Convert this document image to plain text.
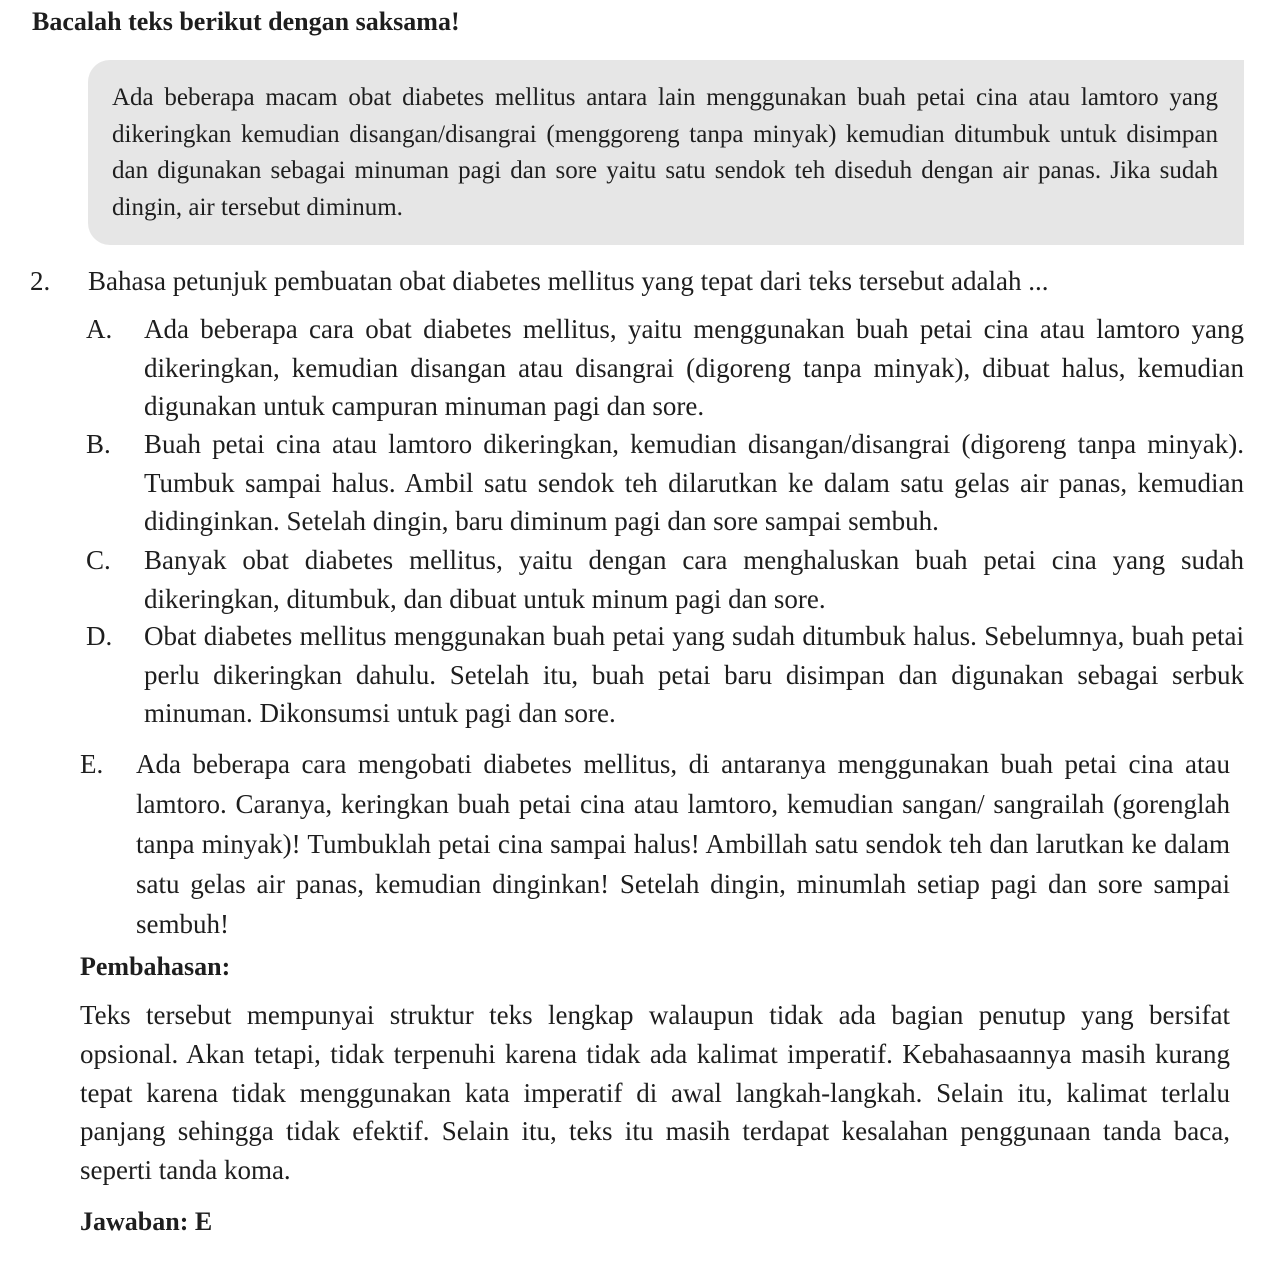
Bacalah teks berikut dengan saksama!

Ada beberapa macam obat diabetes mellitus antara lain menggunakan buah petai cina atau lamtoro yang dikeringkan kemudian disangan/disangrai (menggoreng tanpa minyak) kemudian ditumbuk untuk disimpan dan digunakan sebagai minuman pagi dan sore yaitu satu sendok teh diseduh dengan air panas. Jika sudah dingin, air tersebut diminum.

2.	Bahasa petunjuk pembuatan obat diabetes mellitus yang tepat dari teks tersebut adalah ...
A.	Ada beberapa cara obat diabetes mellitus, yaitu menggunakan buah petai cina atau lamtoro yang dikeringkan, kemudian disangan atau disangrai (digoreng tanpa minyak), dibuat halus, kemudian digunakan untuk campuran minuman pagi dan sore.
B.	Buah petai cina atau lamtoro dikeringkan, kemudian disangan/disangrai (digoreng tanpa minyak). Tumbuk sampai halus. Ambil satu sendok teh dilarutkan ke dalam satu gelas air panas, kemudian didinginkan. Setelah dingin, baru diminum pagi dan sore sampai sembuh.
C.	Banyak obat diabetes mellitus, yaitu dengan cara menghaluskan buah petai cina yang sudah dikeringkan, ditumbuk, dan dibuat untuk minum pagi dan sore.
D.	Obat diabetes mellitus menggunakan buah petai yang sudah ditumbuk halus. Sebelumnya, buah petai perlu dikeringkan dahulu. Setelah itu, buah petai baru disimpan dan digunakan sebagai serbuk minuman. Dikonsumsi untuk pagi dan sore.
E.	Ada beberapa cara mengobati diabetes mellitus, di antaranya menggunakan buah petai cina atau lamtoro. Caranya, keringkan buah petai cina atau lamtoro, kemudian sangan/ sangrailah (gorenglah tanpa minyak)! Tumbuklah petai cina sampai halus! Ambillah satu sendok teh dan larutkan ke dalam satu gelas air panas, kemudian dinginkan! Setelah dingin, minumlah setiap pagi dan sore sampai sembuh!

Pembahasan:

Teks tersebut mempunyai struktur teks lengkap walaupun tidak ada bagian penutup yang bersifat opsional. Akan tetapi, tidak terpenuhi karena tidak ada kalimat imperatif. Kebahasaannya masih kurang tepat karena tidak menggunakan kata imperatif di awal langkah-langkah. Selain itu, kalimat terlalu panjang sehingga tidak efektif. Selain itu, teks itu masih terdapat kesalahan penggunaan tanda baca, seperti tanda koma.

Jawaban: E
